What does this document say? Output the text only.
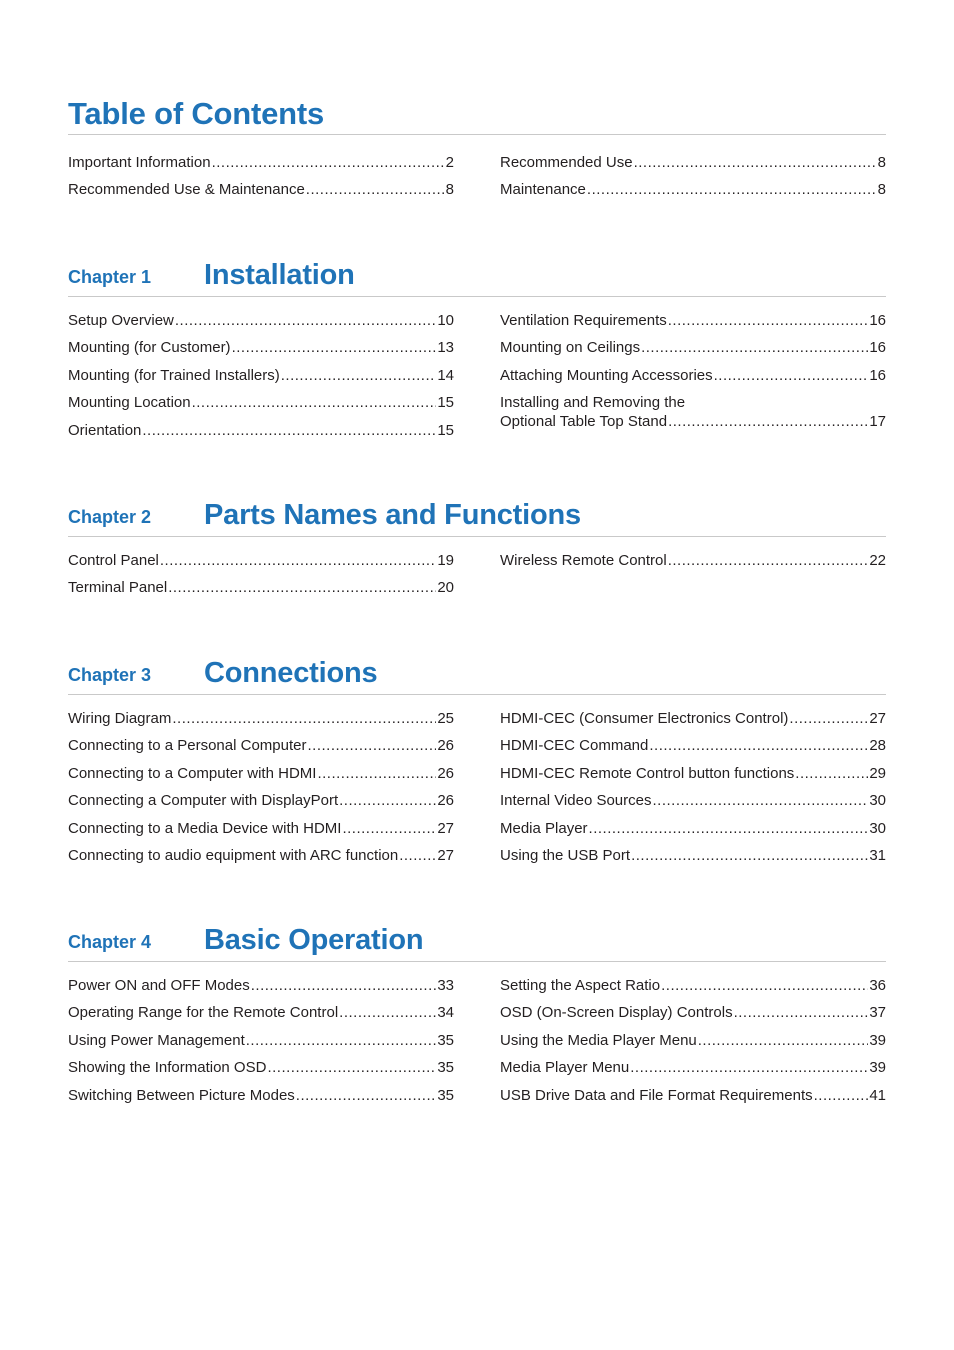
Table of Contents
Important Information .....	2
Recommended Use & Maintenance .....	8
Recommended Use .....	8
Maintenance .....	8
Chapter 1 Installation
Setup Overview .....	10
Mounting (for Customer) .....	13
Mounting (for Trained Installers) .....	14
Mounting Location .....	15
Orientation .....	15
Ventilation Requirements .....	16
Mounting on Ceilings .....	16
Attaching Mounting Accessories .....	16
Installing and Removing the
Optional Table Top Stand .....	17
Chapter 2 Parts Names and Functions
Control Panel .....	19
Terminal Panel .....	20
Wireless Remote Control .....	22
Chapter 3 Connections
Wiring Diagram .....	25
Connecting to a Personal Computer .....	26
Connecting to a Computer with HDMI .....	26
Connecting a Computer with DisplayPort .....	26
Connecting to a Media Device with HDMI .....	27
Connecting to audio equipment with ARC function .....	27
HDMI-CEC (Consumer Electronics Control) .....	27
HDMI-CEC Command .....	28
HDMI-CEC Remote Control button functions .....	29
Internal Video Sources .....	30
Media Player .....	30
Using the USB Port .....	31
Chapter 4 Basic Operation
Power ON and OFF Modes .....	33
Operating Range for the Remote Control .....	34
Using Power Management .....	35
Showing the Information OSD .....	35
Switching Between Picture Modes .....	35
Setting the Aspect Ratio .....	36
OSD (On-Screen Display) Controls .....	37
Using the Media Player Menu .....	39
Media Player Menu .....	39
USB Drive Data and File Format Requirements .....	41
